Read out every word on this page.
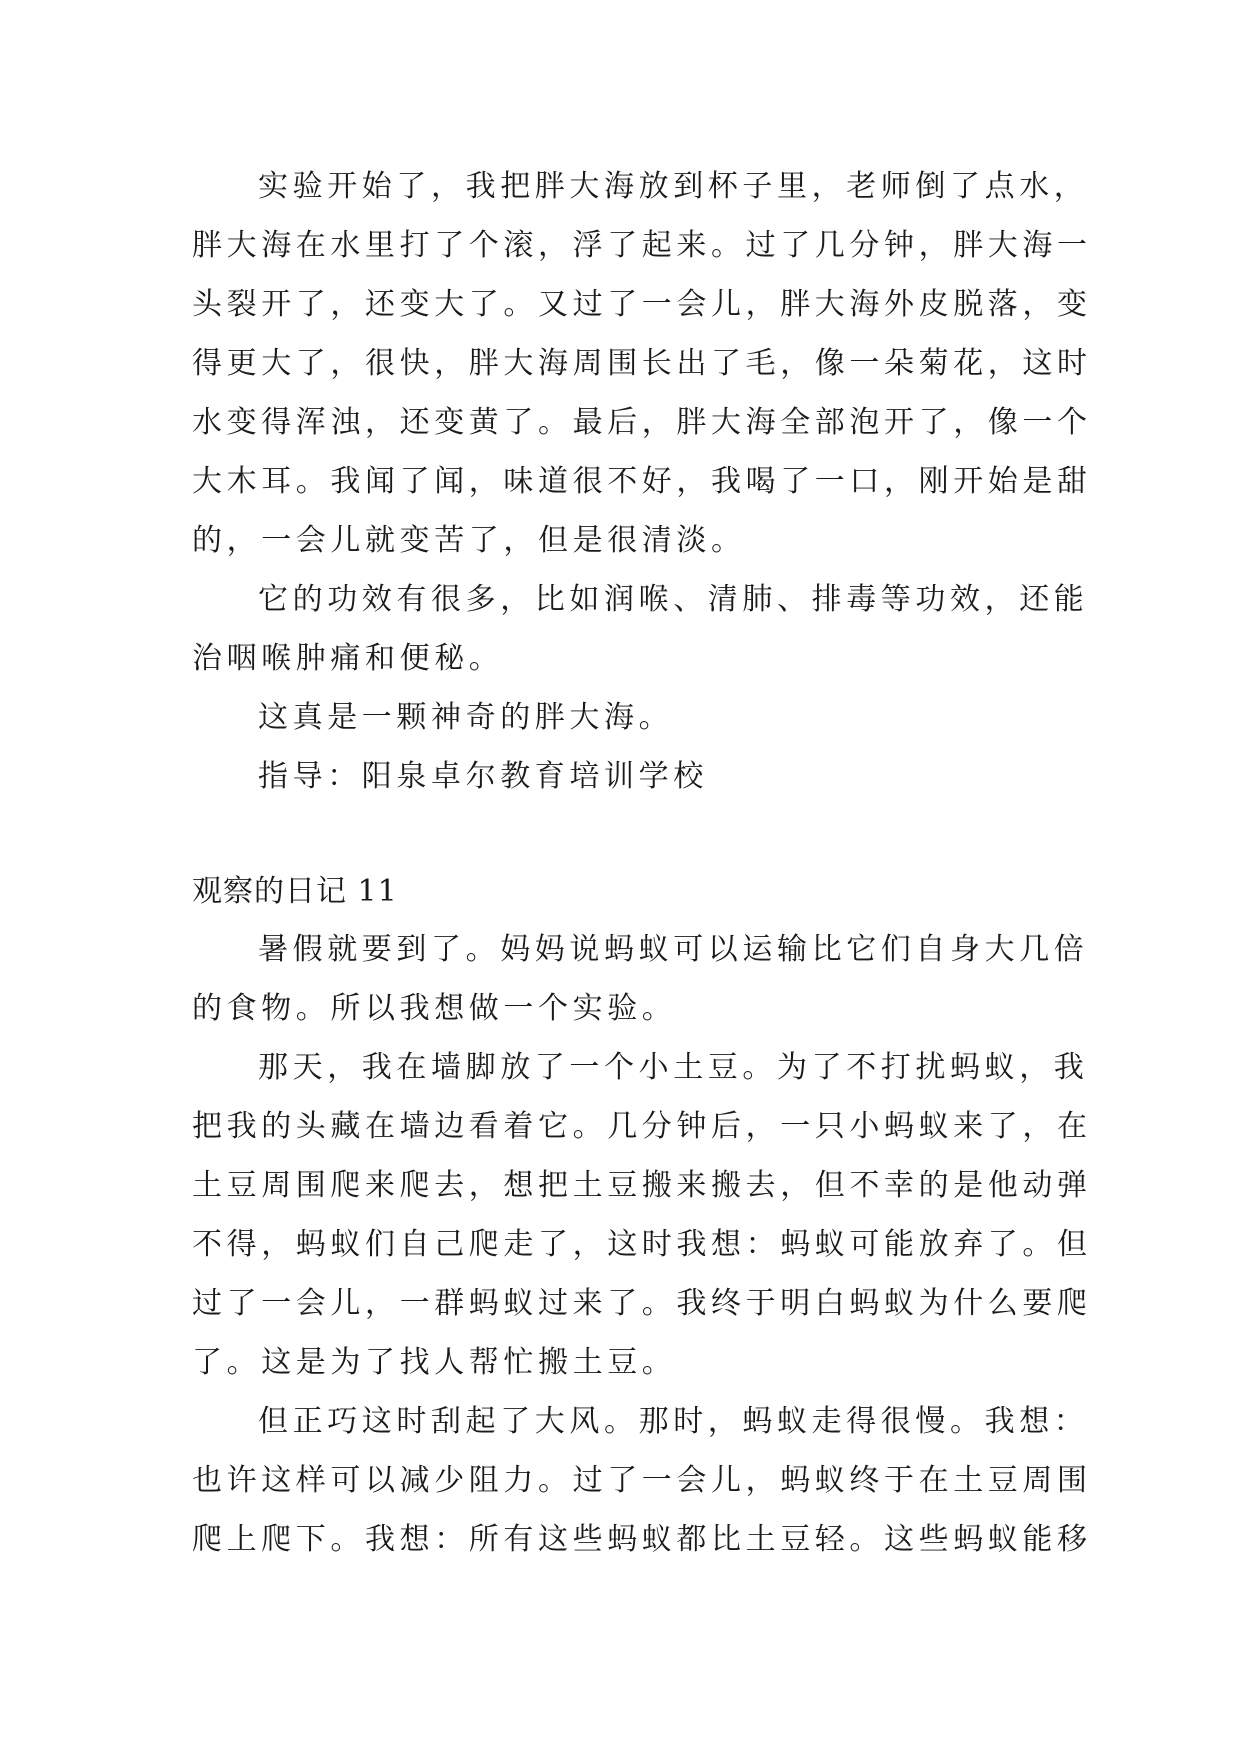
实验开始了，我把胖大海放到杯子里，老师倒了点水，
胖大海在水里打了个滚，浮了起来。过了几分钟，胖大海一
头裂开了，还变大了。又过了一会儿，胖大海外皮脱落，变
得更大了，很快，胖大海周围长出了毛，像一朵菊花，这时
水变得浑浊，还变黄了。最后，胖大海全部泡开了，像一个
大木耳。我闻了闻，味道很不好，我喝了一口，刚开始是甜
的，一会儿就变苦了，但是很清淡。
它的功效有很多，比如润喉、清肺、排毒等功效，还能
治咽喉肿痛和便秘。
这真是一颗神奇的胖大海。
指导：阳泉卓尔教育培训学校
观察的日记 11
暑假就要到了。妈妈说蚂蚁可以运输比它们自身大几倍
的食物。所以我想做一个实验。
那天，我在墙脚放了一个小土豆。为了不打扰蚂蚁，我
把我的头藏在墙边看着它。几分钟后，一只小蚂蚁来了，在
土豆周围爬来爬去，想把土豆搬来搬去，但不幸的是他动弹
不得，蚂蚁们自己爬走了，这时我想：蚂蚁可能放弃了。但
过了一会儿，一群蚂蚁过来了。我终于明白蚂蚁为什么要爬
了。这是为了找人帮忙搬土豆。
但正巧这时刮起了大风。那时，蚂蚁走得很慢。我想：
也许这样可以减少阻力。过了一会儿，蚂蚁终于在土豆周围
爬上爬下。我想：所有这些蚂蚁都比土豆轻。这些蚂蚁能移
